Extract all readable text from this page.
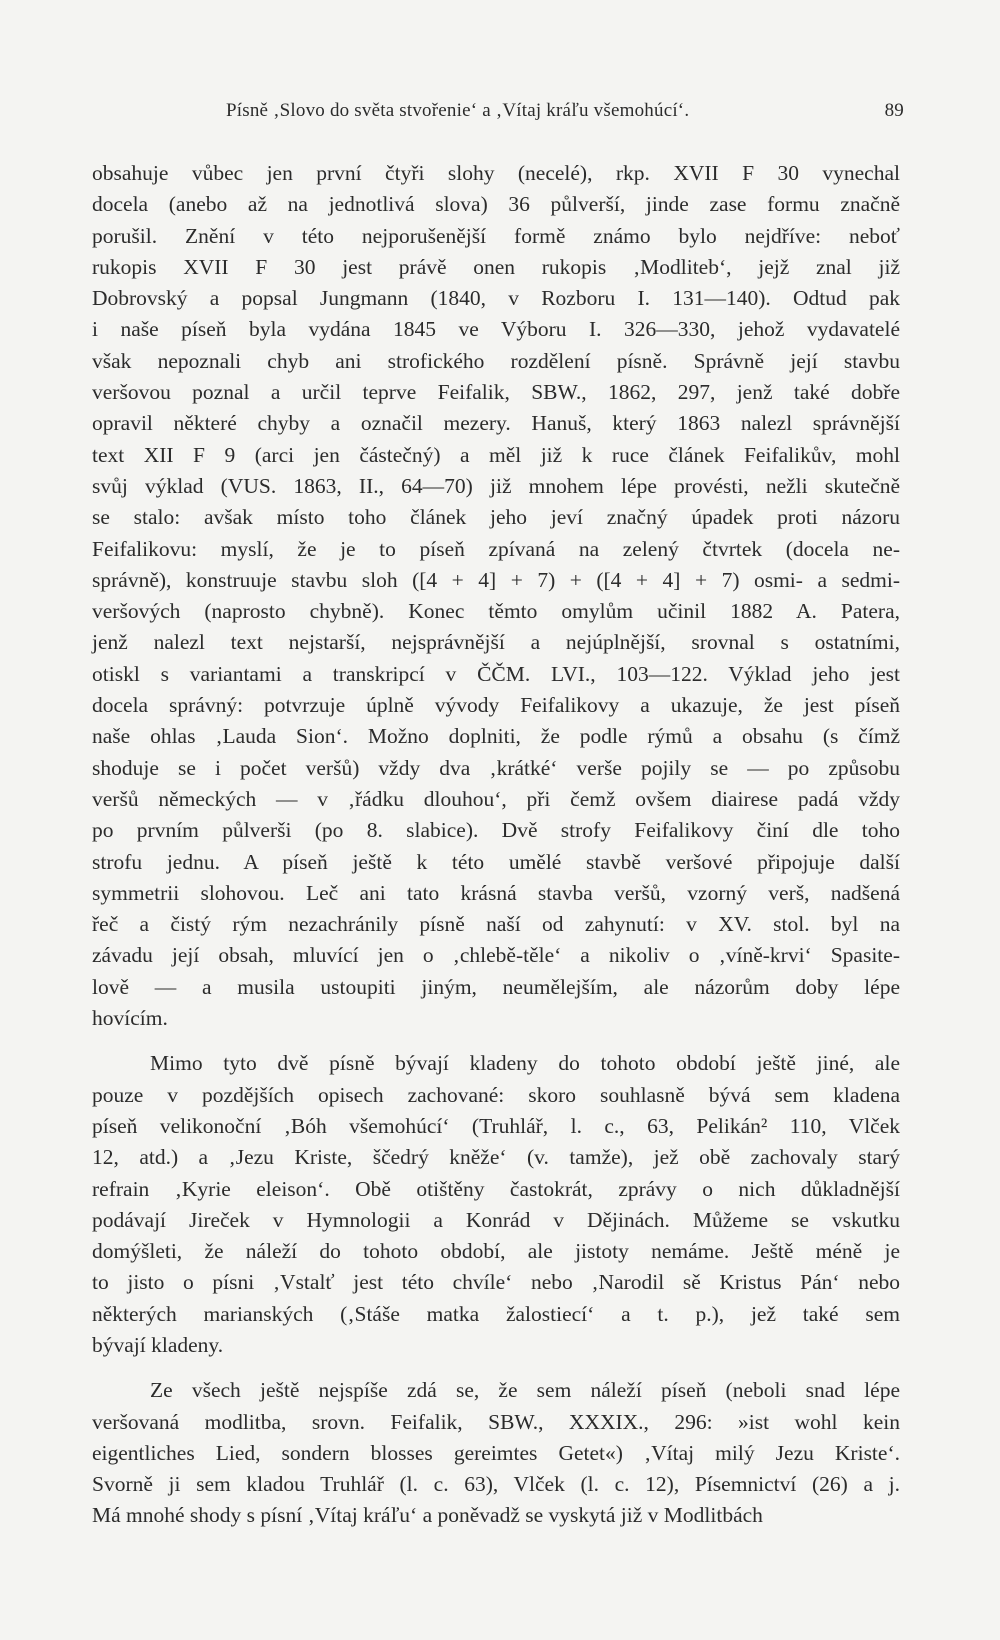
Písně ‚Slovo do světa stvořenie‘ a ‚Vítaj kráľu všemohúcí‘.	89
obsahuje vůbec jen první čtyři slohy (necelé), rkp. XVII F 30 vynechal
docela (anebo až na jednotlivá slova) 36 půlverší, jinde zase formu značně
porušil. Znění v této nejporušenější formě známo bylo nejdříve: neboť
rukopis XVII F 30 jest právě onen rukopis ‚Modliteb‘, jejž znal již
Dobrovský a popsal Jungmann (1840, v Rozboru I. 131—140). Odtud pak
i naše píseň byla vydána 1845 ve Výboru I. 326—330, jehož vydavatelé
však nepoznali chyb ani strofického rozdělení písně. Správně její stavbu
veršovou poznal a určil teprve Feifalik, SBW., 1862, 297, jenž také dobře
opravil některé chyby a označil mezery. Hanuš, který 1863 nalezl správnější
text XII F 9 (arci jen částečný) a měl již k ruce článek Feifalikův, mohl
svůj výklad (VUS. 1863, II., 64—70) již mnohem lépe provésti, nežli skutečně
se stalo: avšak místo toho článek jeho jeví značný úpadek proti názoru
Feifalikovu: myslí, že je to píseň zpívaná na zelený čtvrtek (docela ne-
správně), konstruuje stavbu sloh ([4 + 4] + 7) + ([4 + 4] + 7) osmi- a sedmi-
veršových (naprosto chybně). Konec těmto omylům učinil 1882 A. Patera,
jenž nalezl text nejstarší, nejsprávnější a nejúplnější, srovnal s ostatními,
otiskl s variantami a transkripcí v ČČM. LVI., 103—122. Výklad jeho jest
docela správný: potvrzuje úplně vývody Feifalikovy a ukazuje, že jest píseň
naše ohlas ‚Lauda Sion‘. Možno doplniti, že podle rýmů a obsahu (s čímž
shoduje se i počet veršů) vždy dva ‚krátké‘ verše pojily se — po způsobu
veršů německých — v ‚řádku dlouhou‘, při čemž ovšem diairese padá vždy
po prvním půlverši (po 8. slabice). Dvě strofy Feifalikovy činí dle toho
strofu jednu. A píseň ještě k této umělé stavbě veršové připojuje další
symmetrii slohovou. Leč ani tato krásná stavba veršů, vzorný verš, nadšená
řeč a čistý rým nezachránily písně naší od zahynutí: v XV. stol. byl na
závadu její obsah, mluvící jen o ‚chlebě-těle‘ a nikoliv o ‚víně-krvi‘ Spasite-
lově — a musila ustoupiti jiným, neumělejším, ale názorům doby lépe
hovícím.
Mimo tyto dvě písně bývají kladeny do tohoto období ještě jiné, ale
pouze v pozdějších opisech zachované: skoro souhlasně bývá sem kladena
píseň velikonoční ‚Bóh všemohúcí‘ (Truhlář, l. c., 63, Pelikán² 110, Vlček
12, atd.) a ‚Jezu Kriste, ščedrý kněže‘ (v. tamže), jež obě zachovaly starý
refrain ‚Kyrie eleison‘. Obě otištěny častokrát, zprávy o nich důkladnější
podávají Jireček v Hymnologii a Konrád v Dějinách. Můžeme se vskutku
domýšleti, že náleží do tohoto období, ale jistoty nemáme. Ještě méně je
to jisto o písni ‚Vstalť jest této chvíle‘ nebo ‚Narodil sě Kristus Pán‘ nebo
některých marianských (‚Stáše matka žalostiecí‘ a t. p.), jež také sem
bývají kladeny.
Ze všech ještě nejspíše zdá se, že sem náleží píseň (neboli snad lépe
veršovaná modlitba, srovn. Feifalik, SBW., XXXIX., 296: »ist wohl kein
eigentliches Lied, sondern blosses gereimtes Getet«) ‚Vítaj milý Jezu Kriste‘.
Svorně ji sem kladou Truhlář (l. c. 63), Vlček (l. c. 12), Písemnictví (26) a j.
Má mnohé shody s písní ‚Vítaj kráľu‘ a poněvadž se vyskytá již v Modlitbách
